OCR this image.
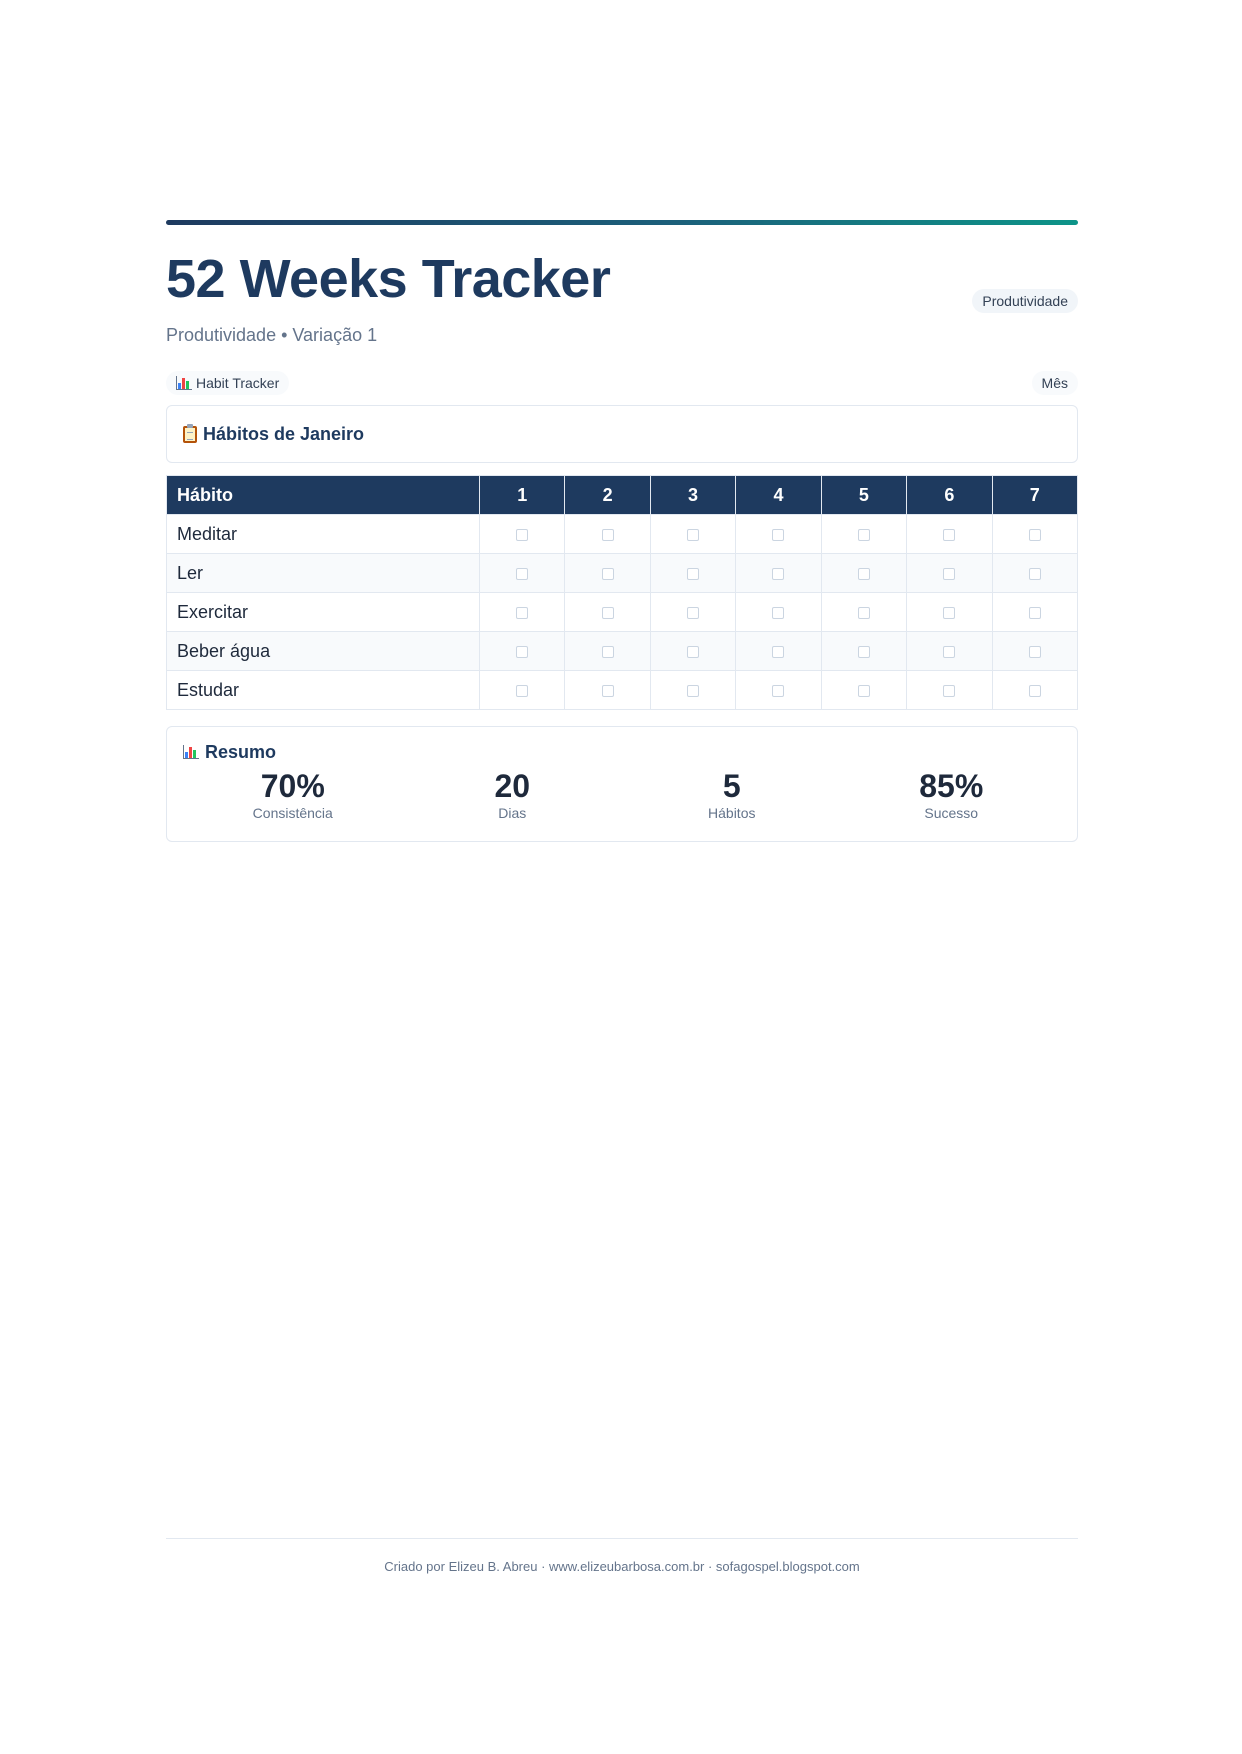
52 Weeks Tracker	Produtividade
Produtividade • Variação 1
Habit Tracker	Mês
Hábitos de Janeiro
Hábito	1	2	3	4	5	6	7
Meditar							
Ler							
Exercitar							
Beber água							
Estudar							
Resumo
70%
Consistência
20
Dias
5
Hábitos
85%
Sucesso
Criado por Elizeu B. Abreu · www.elizeubarbosa.com.br · sofagospel.blogspot.com
